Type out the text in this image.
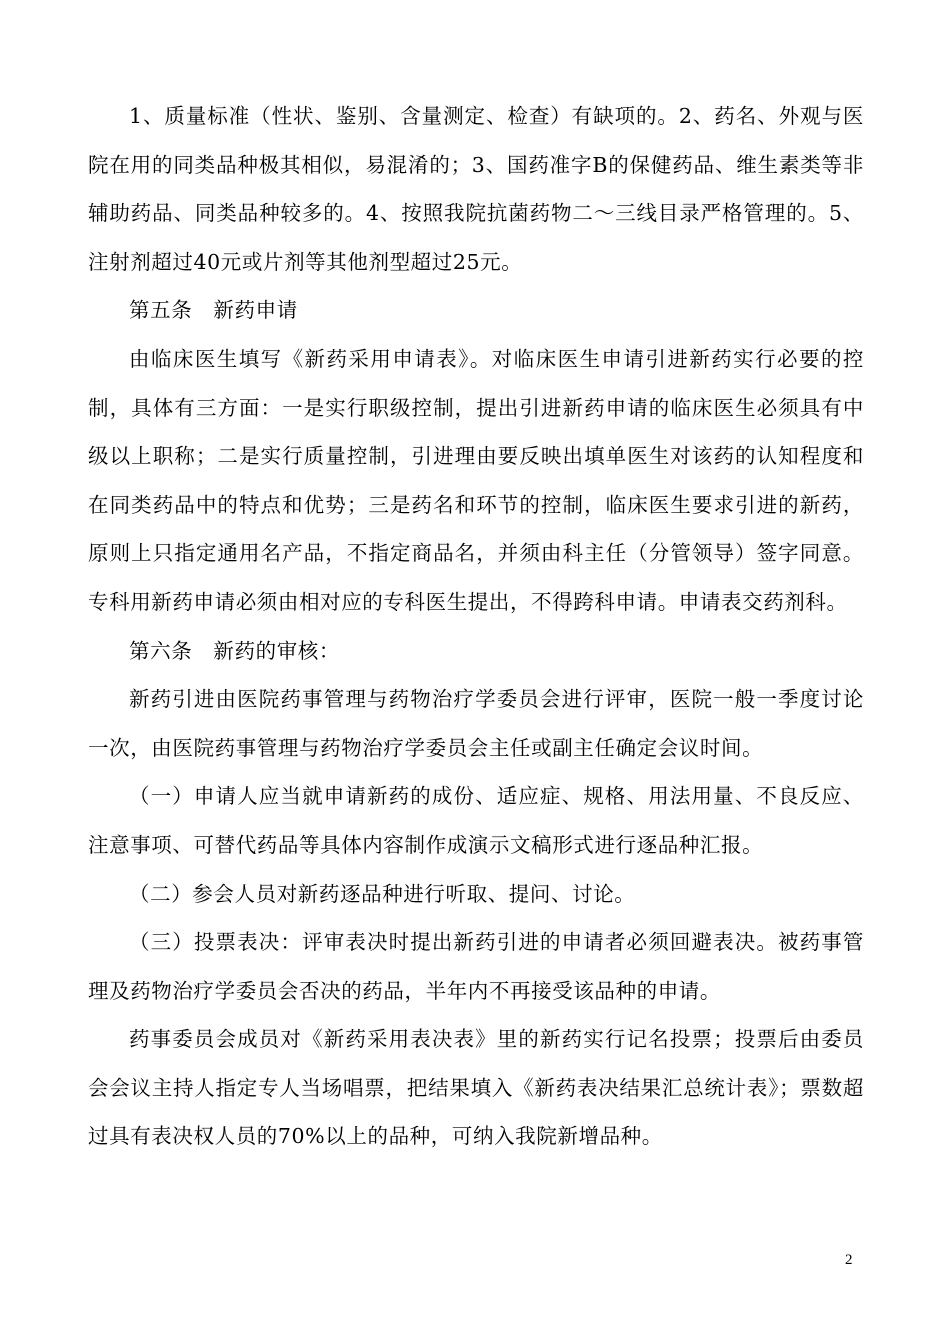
1、质量标准（性状、鉴别、含量测定、检查）有缺项的。2、药名、外观与医院在用的同类品种极其相似，易混淆的；3、国药准字B的保健药品、维生素类等非辅助药品、同类品种较多的。4、按照我院抗菌药物二～三线目录严格管理的。5、注射剂超过40元或片剂等其他剂型超过25元。

第五条　新药申请

由临床医生填写《新药采用申请表》。对临床医生申请引进新药实行必要的控制，具体有三方面：一是实行职级控制，提出引进新药申请的临床医生必须具有中级以上职称；二是实行质量控制，引进理由要反映出填单医生对该药的认知程度和在同类药品中的特点和优势；三是药名和环节的控制，临床医生要求引进的新药，原则上只指定通用名产品，不指定商品名，并须由科主任（分管领导）签字同意。专科用新药申请必须由相对应的专科医生提出，不得跨科申请。申请表交药剂科。

第六条　新药的审核：

新药引进由医院药事管理与药物治疗学委员会进行评审，医院一般一季度讨论一次，由医院药事管理与药物治疗学委员会主任或副主任确定会议时间。

（一）申请人应当就申请新药的成份、适应症、规格、用法用量、不良反应、注意事项、可替代药品等具体内容制作成演示文稿形式进行逐品种汇报。

（二）参会人员对新药逐品种进行听取、提问、讨论。

（三）投票表决：评审表决时提出新药引进的申请者必须回避表决。被药事管理及药物治疗学委员会否决的药品，半年内不再接受该品种的申请。

药事委员会成员对《新药采用表决表》里的新药实行记名投票；投票后由委员会会议主持人指定专人当场唱票，把结果填入《新药表决结果汇总统计表》；票数超过具有表决权人员的70%以上的品种，可纳入我院新增品种。

2
